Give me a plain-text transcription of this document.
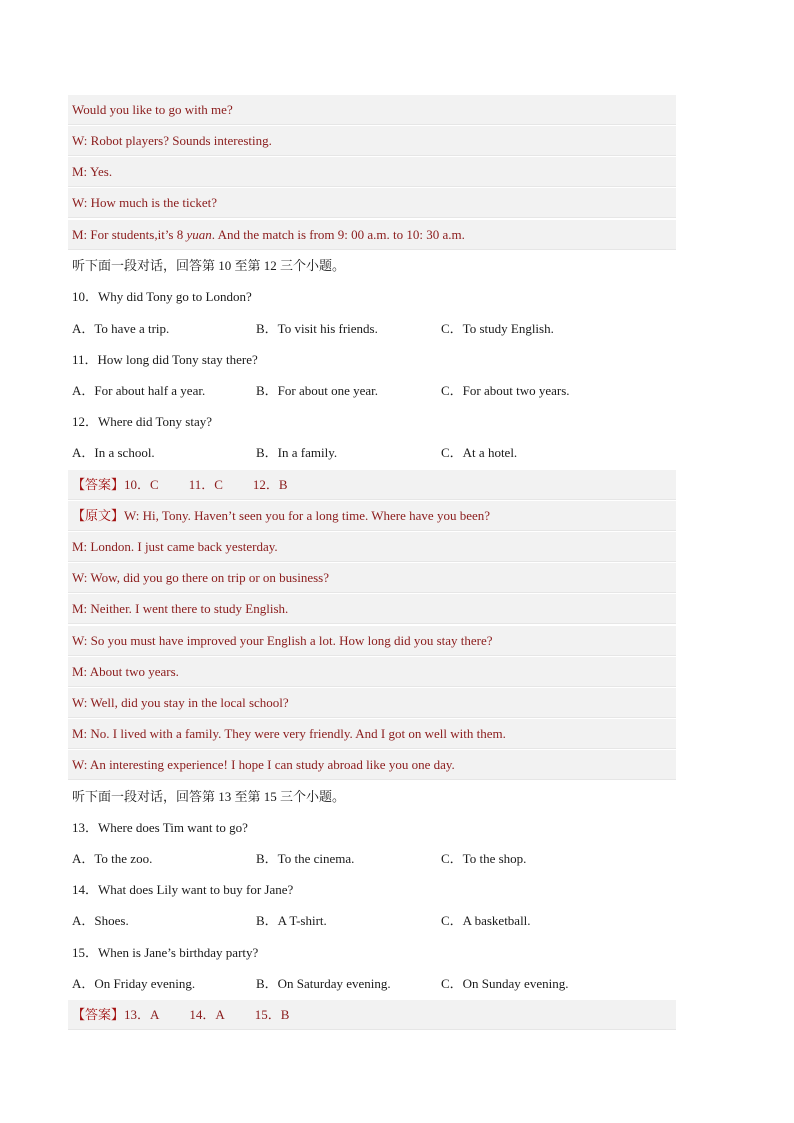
Would you like to go with me?
W: Robot players? Sounds interesting.
M: Yes.
W: How much is the ticket?
M: For students,it’s 8 yuan. And the match is from 9: 00 a.m. to 10: 30 a.m.
听下面一段对话，回答第 10 至第 12 三个小题。
10．Why did Tony go to London?
A．To have a trip.	B．To visit his friends.	C．To study English.
11．How long did Tony stay there?
A．For about half a year.	B．For about one year.	C．For about two years.
12．Where did Tony stay?
A．In a school.	B．In a family.	C．At a hotel.
【答案】10．C 11．C 12．B
【原文】W: Hi, Tony. Haven’t seen you for a long time. Where have you been?
M: London. I just came back yesterday.
W: Wow, did you go there on trip or on business?
M: Neither. I went there to study English.
W: So you must have improved your English a lot. How long did you stay there?
M: About two years.
W: Well, did you stay in the local school?
M: No. I lived with a family. They were very friendly. And I got on well with them.
W: An interesting experience! I hope I can study abroad like you one day.
听下面一段对话，回答第 13 至第 15 三个小题。
13．Where does Tim want to go?
A．To the zoo.	B．To the cinema.	C．To the shop.
14．What does Lily want to buy for Jane?
A．Shoes.	B．A T-shirt.	C．A basketball.
15．When is Jane’s birthday party?
A．On Friday evening.	B．On Saturday evening.	C．On Sunday evening.
【答案】13．A 14．A 15．B
